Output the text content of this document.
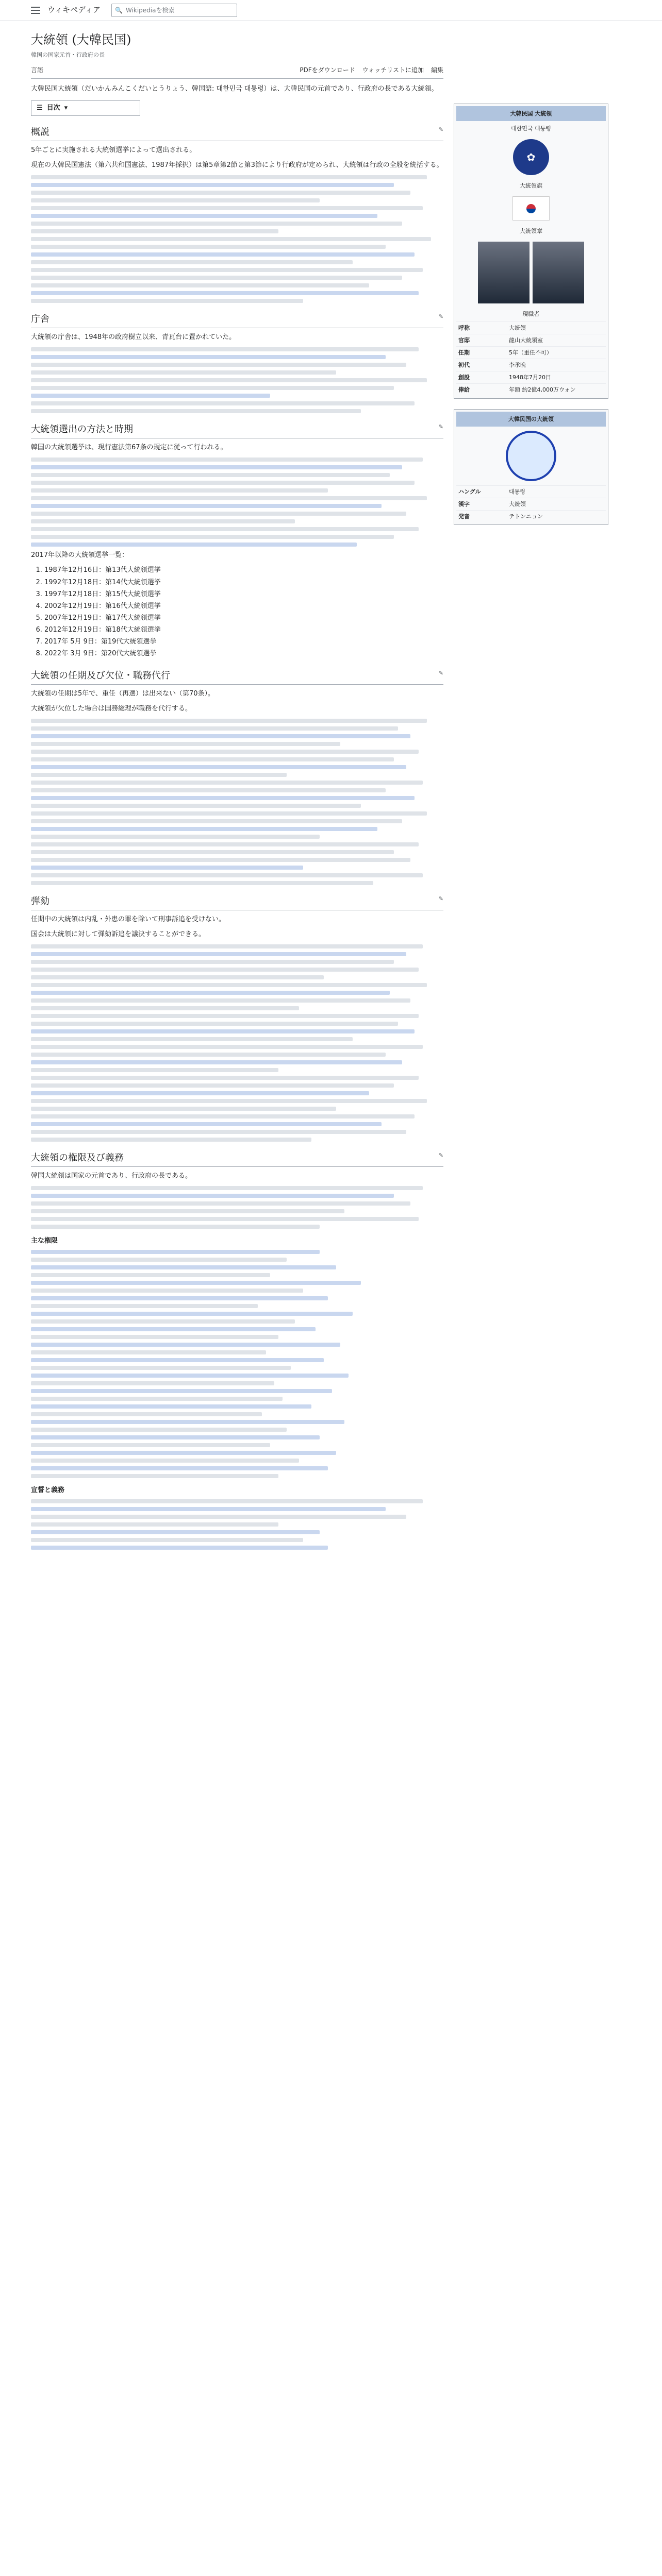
ウィキペディア	🔍 Wikipediaを検索
大統領 (大韓民国)
韓国の国家元首・行政府の長
言語	PDFをダウンロード ウォッチリストに追加 編集

大韓民国大統領（だいかんみんこくだいとうりょう、韓国語: 대한민국 대통령）は、大韓民国の元首であり、行政府の長である大統領。

☰ 目次 ▾
概説	✎

5年ごとに実施される大統領選挙によって選出される。

現在の大韓民国憲法（第六共和国憲法、1987年採択）は第5章第2節と第3節により行政府が定められ、大統領は行政の全般を統括する。

庁舎	✎

大統領の庁舎は、1948年の政府樹立以来、青瓦台に置かれていた。

大統領選出の方法と時期	✎

韓国の大統領選挙は、現行憲法第67条の規定に従って行われる。

2017年以降の大統領選挙一覧：

1. 1987年12月16日：第13代大統領選挙
2. 1992年12月18日：第14代大統領選挙
3. 1997年12月18日：第15代大統領選挙
4. 2002年12月19日：第16代大統領選挙
5. 2007年12月19日：第17代大統領選挙
6. 2012年12月19日：第18代大統領選挙
7. 2017年 5月 9日：第19代大統領選挙
8. 2022年 3月 9日：第20代大統領選挙
大統領の任期及び欠位・職務代行	✎

大統領の任期は5年で、重任（再選）は出来ない（第70条）。

大統領が欠位した場合は国務総理が職務を代行する。

弾劾	✎

任期中の大統領は内乱・外患の罪を除いて刑事訴追を受けない。

国会は大統領に対して弾劾訴追を議決することができる。

大統領の権限及び義務	✎

韓国大統領は国家の元首であり、行政府の長である。

主な権限
宣誓と義務
大韓民国 大統領
대한민국 대통령
✿
大統領旗
大統領章
現職者
呼称	大統領
官邸	龍山大統領室
任期	5年（重任不可）
初代	李承晩
創設	1948年7月20日
俸給	年額 約2億4,000万ウォン
大韓民国の大統領
ハングル	대통령
漢字	大統領
発音	テトンニョン
